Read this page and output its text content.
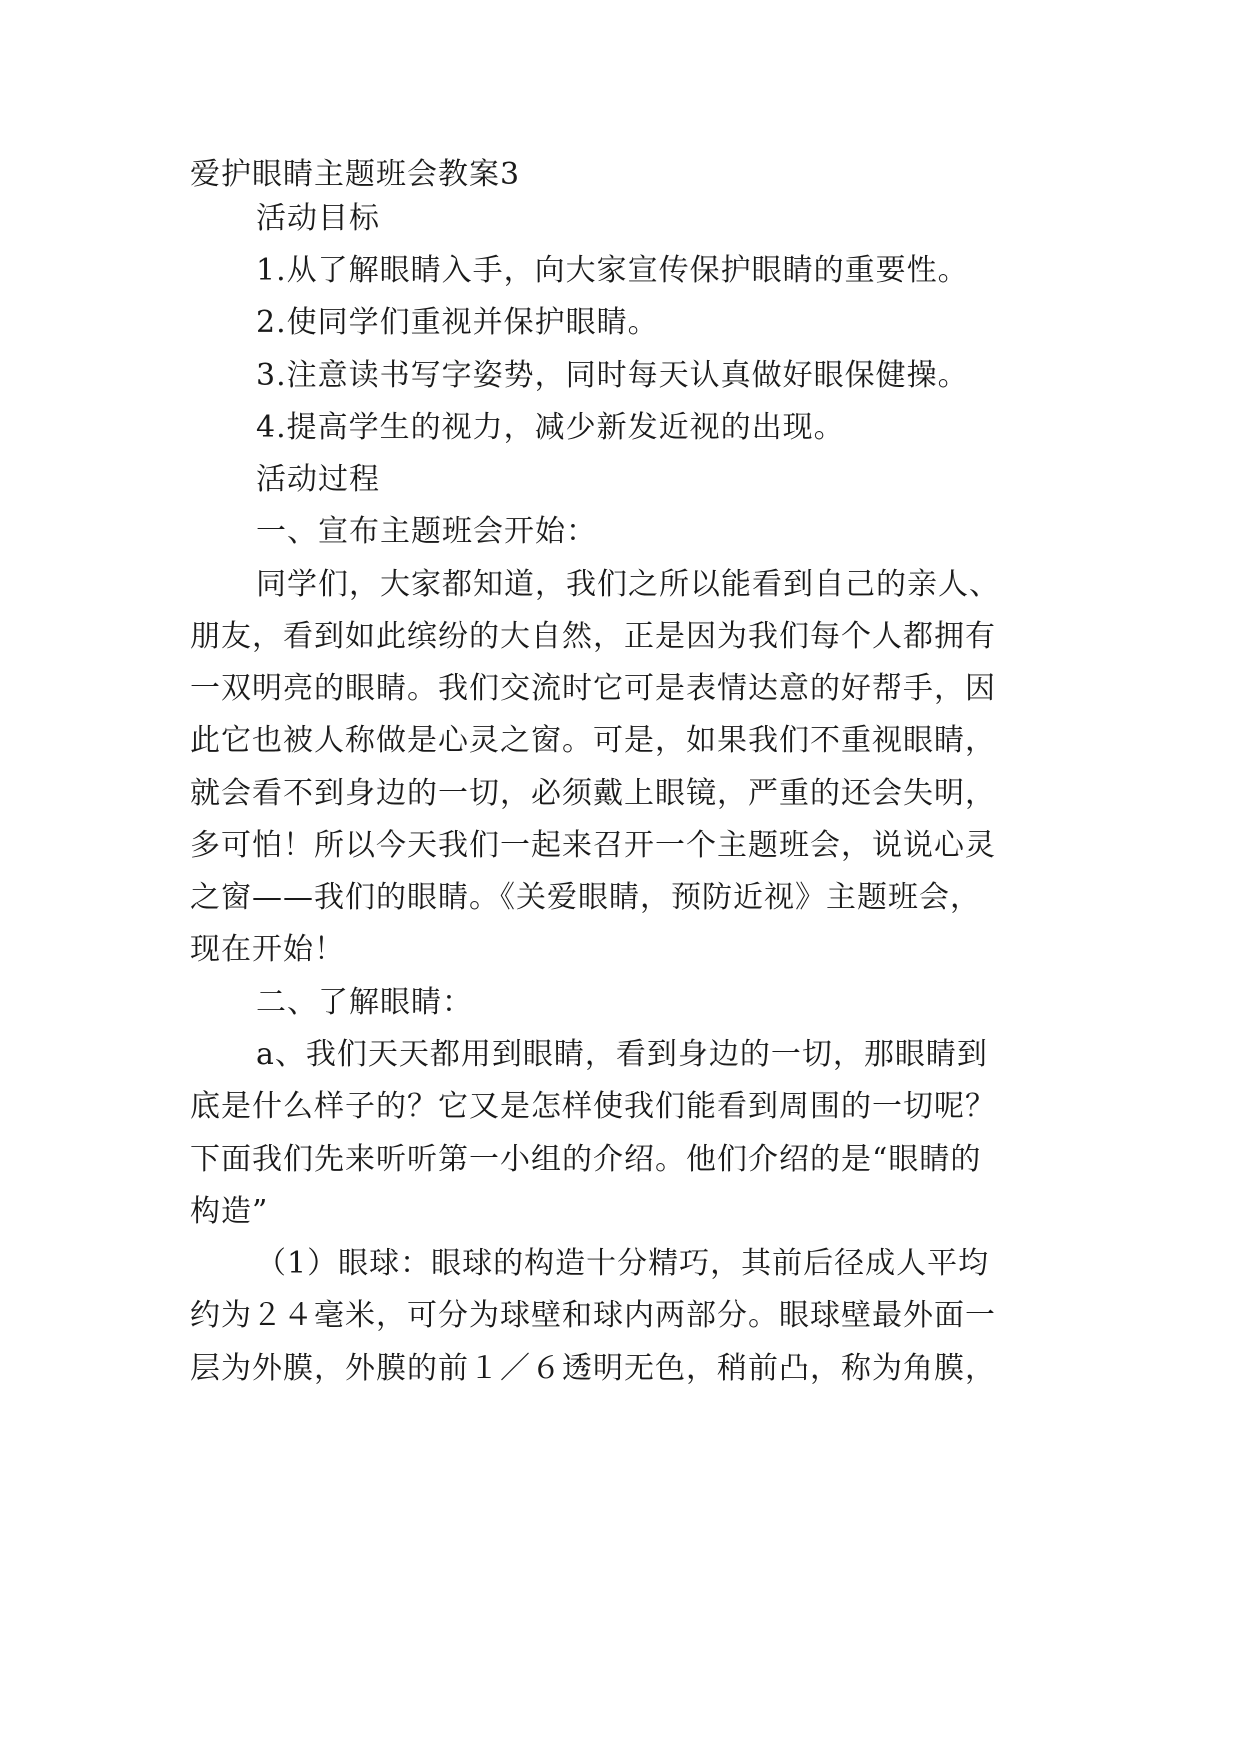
爱护眼睛主题班会教案3
活动目标
1.从了解眼睛入手，向大家宣传保护眼睛的重要性。
2.使同学们重视并保护眼睛。
3.注意读书写字姿势，同时每天认真做好眼保健操。
4.提高学生的视力，减少新发近视的出现。
活动过程
一、宣布主题班会开始：
同学们，大家都知道，我们之所以能看到自己的亲人、
朋友，看到如此缤纷的大自然，正是因为我们每个人都拥有
一双明亮的眼睛。我们交流时它可是表情达意的好帮手，因
此它也被人称做是心灵之窗。可是，如果我们不重视眼睛，
就会看不到身边的一切，必须戴上眼镜，严重的还会失明，
多可怕！所以今天我们一起来召开一个主题班会，说说心灵
之窗——我们的眼睛。《关爱眼睛，预防近视》主题班会，
现在开始！
二、了解眼睛：
a、我们天天都用到眼睛，看到身边的一切，那眼睛到
底是什么样子的？它又是怎样使我们能看到周围的一切呢？
下面我们先来听听第一小组的介绍。他们介绍的是“眼睛的
构造”
（1）眼球：眼球的构造十分精巧，其前后径成人平均
约为２４毫米，可分为球壁和球内两部分。眼球壁最外面一
层为外膜，外膜的前１／６透明无色，稍前凸，称为角膜，
